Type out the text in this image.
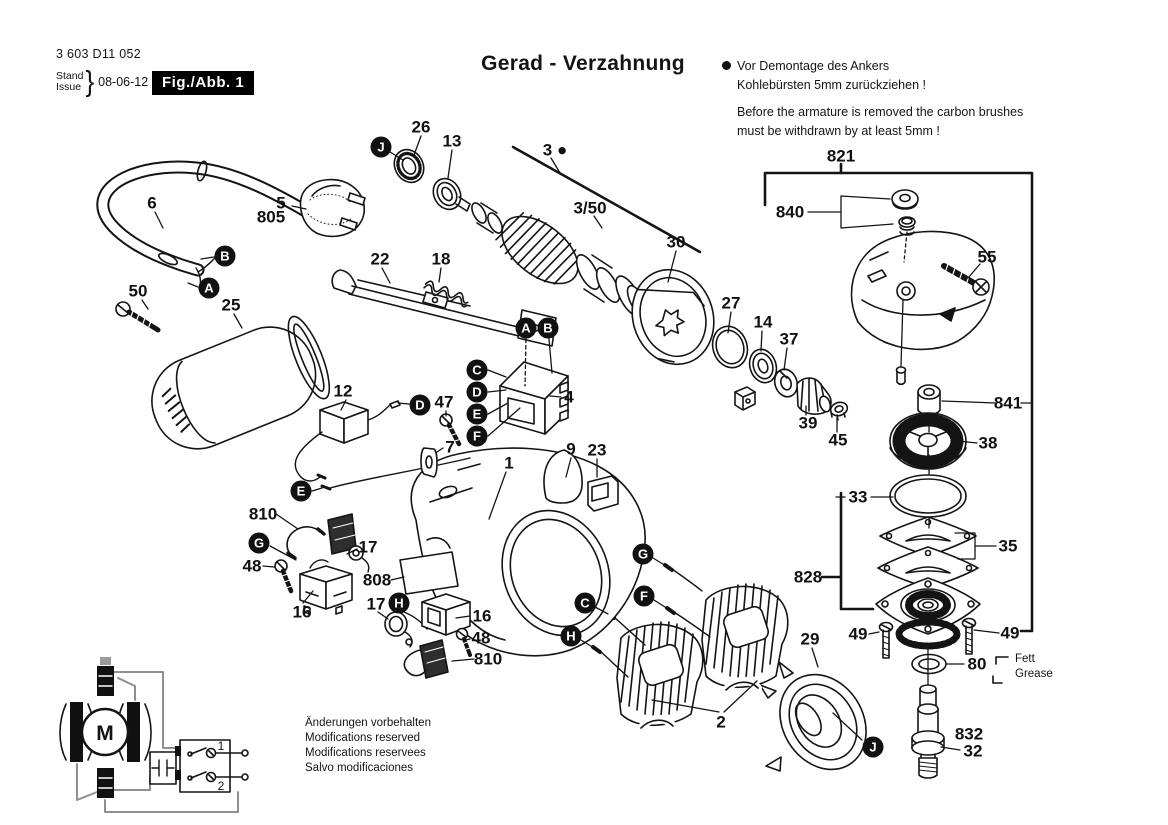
M
1
2
3 603 D11 052
Stand
Issue } 08-06-12 Fig./Abb. 1
Gerad - Verzahnung	Vor Demontage des Ankers
Kohlebürsten 5mm zurückziehen !
Before the armature is removed the carbon brushes
must be withdrawn by at least 5mm !
Änderungen vorbehalten
Modifications reserved
Modifications reservees
Salvo modificaciones
Fett
Grease
26
13	3 ●
3/50
821
840
55
30
27
14
37
39
45
841
38
33
35
828
49	49
80
29
832
32
5
805
6
50
25
22 18
12
47
7
4
9 23
1
810
48
17
16
808
17
16
48
810
2
J
B
A
A B
C
D
E
F
D
E
G
H
G
F
C
H
J
